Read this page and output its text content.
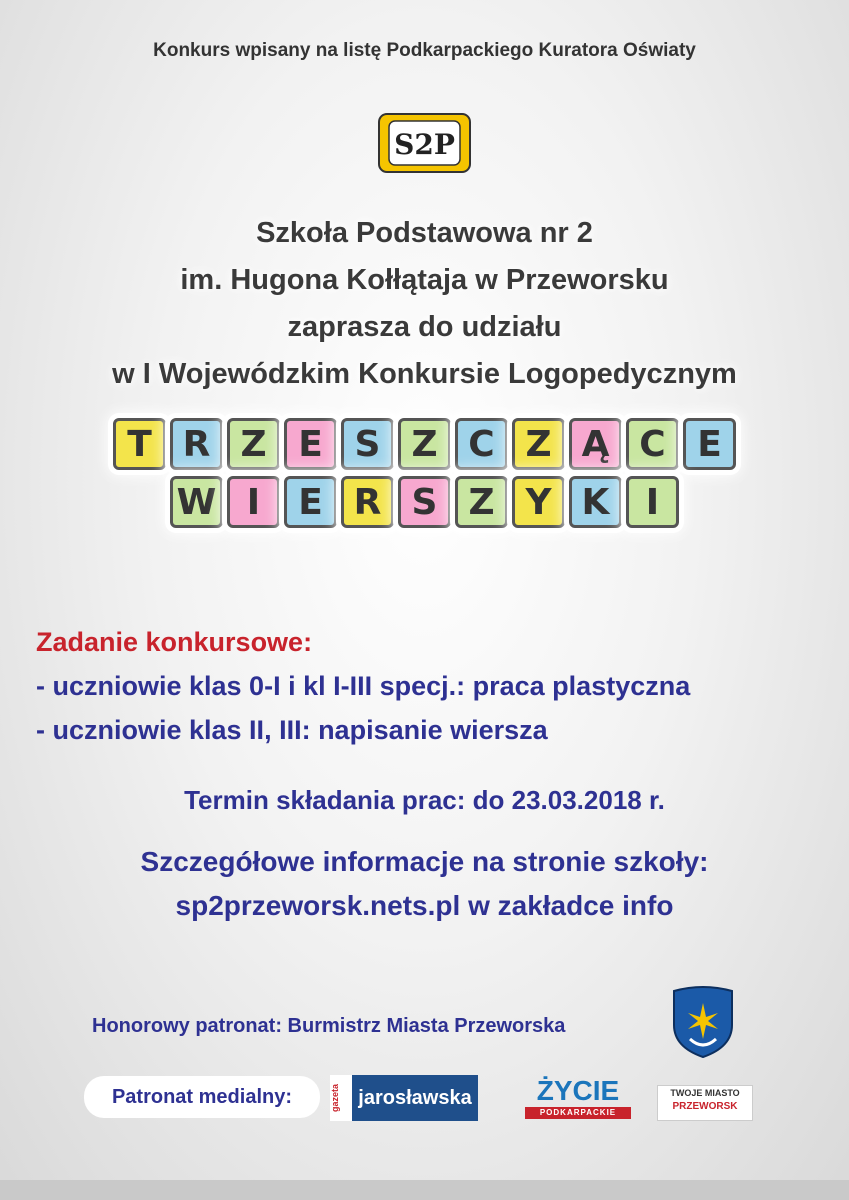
Konkurs wpisany na listę Podkarpackiego Kuratora Oświaty
S2P
Szkoła Podstawowa nr 2
im. Hugona Kołłątaja w Przeworsku
zaprasza do udziału
w I Wojewódzkim Konkursie Logopedycznym
T R Z E S Z C Z Ą C E
W I	E R S Z Y K	I
Zadanie konkursowe:
- uczniowie klas 0-I i kl I-III specj.: praca plastyczna
- uczniowie klas II, III: napisanie wiersza
Termin składania prac: do 23.03.2018 r.
Szczegółowe informacje na stronie szkoły:
sp2przeworsk.nets.pl w zakładce info
Honorowy patronat: Burmistrz Miasta Przeworska
Patronat medialny:	gazeta jarosławska	ŻYCIE
PODKARPACKIE
TWOJE MIASTO
PRZEWORSK
